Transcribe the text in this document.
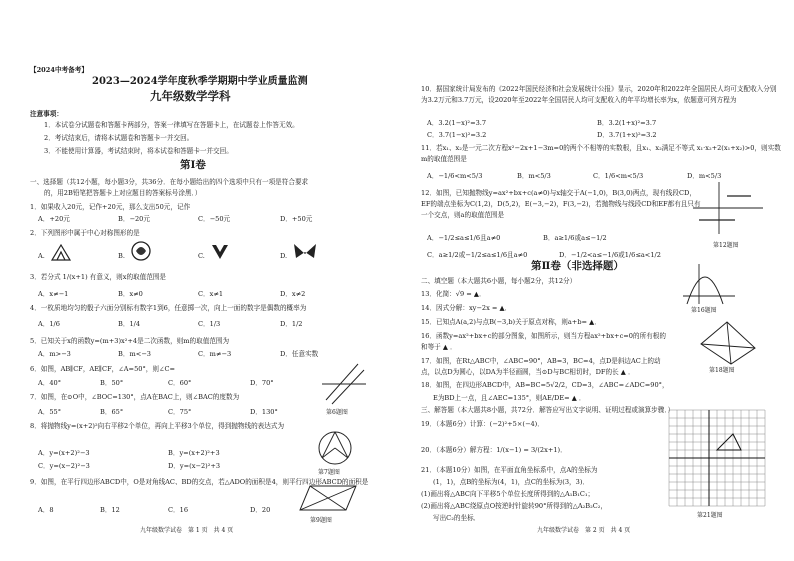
【2024中考备考】
2023—2024学年度秋季学期期中学业质量监测
九年级数学学科
注意事项：
1．本试卷分试题卷和答题卡两部分，答案一律填写在答题卡上，在试题卷上作答无效。
2．考试结束后，请将本试题卷和答题卡一并交回。
3．不能使用计算器，考试结束时，将本试卷和答题卡一并交回。
第Ⅰ卷
一、选择题（共12小题，每小题3分，共36分．在每小题给出的四个选项中只有一项是符合要求
的，用2B铅笔把答题卡上对应题目的答案标号涂黑．）
1．如果收入20元，记作+20元，那么支出50元，记作
A．+20元	B．−20元	C．−50元	D．+50元
2．下列图形中属于中心对称图形的是
A.	B.	C.	D.
3．若分式 1/(x+1) 有意义，则x的取值范围是
A．x≠−1	B．x≠0	C．x≠1	D．x≠2
4．一枚质地均匀的骰子六面分别标有数字1到6，任意掷一次，向上一面的数字是偶数的概率为
A．1/6	B．1/4	C．1/3	D．1/2
5．已知关于x的函数y=(m+3)x²+4是二次函数，则m的取值范围为
A．m>−3	B．m<−3	C．m≠−3	D．任意实数
6．如图，AB∥CF，AE∥CF，∠A=50°，则∠C=
A．40°	B．50°	C．60°	D．70°
第6题图
7．如图，在⊙O中，∠BOC=130°，点A在BAC上，则∠BAC的度数为
A．55°	B．65°	C．75°	D．130°
8．将抛物线y=(x+2)²向右平移2个单位，再向上平移3个单位，得到抛物线的表达式为
A．y=(x+2)²−3	B．y=(x+2)²+3
C．y=(x−2)²−3	D．y=(x−2)²+3
第7题图
9．如图，在平行四边形ABCD中，O是对角线AC、BD的交点，若△ADO的面积是4，则平行四边形ABCD的面积是
A．8	B．12	C．16	D．20
第9题图
九年级数学试卷　第 1 页　共 4 页
10．据国家统计局发布的《2022年国民经济和社会发展统计公报》显示，2020年和2022年全国居民人均可支配收入分别为3.2万元和3.7万元，设2020年至2022年全国居民人均可支配收入的年平均增长率为x，依题意可列方程为
A．3.2(1−x)²=3.7	B．3.2(1+x)²=3.7
C．3.7(1−x)²=3.2	D．3.7(1+x)²=3.2
11．若x₁、x₂是一元二次方程x²−2x+1−3m=0的两个不相等的实数根，且x₁、x₂满足不等式 x₁·x₂+2(x₁+x₂)>0，则实数m的取值范围是
A．−1/6<m<5/3	B．m<5/3	C．1/6<m<5/3	D．m<5/3
12．如图，已知抛物线y=ax²+bx+c(a≠0)与x轴交于A(−1,0)，B(3,0)两点，现有线段CD，EF的端点坐标为C(1,2)，D(5,2)，E(−3,−2)，F(3,−2)，若抛物线与线段CD和EF都有且只有一个交点，则a的取值范围是
A．−1/2≤a≤1/6且a≠0	B．a≥1/6或a≤−1/2
C．a≥1/2或−1/2≤a≤1/6且a≠0	D．−1/2<a≤−1/6或1/6≤a<1/2
第12题图
第Ⅱ卷（非选择题）
二、填空题（本大题共6小题，每小题2分，共12分）
13．化简：√9 = ▲．
14．因式分解：xy−2x = ▲．
15．已知点A(a,2)与点B(−3,b)关于原点对称，则a+b= ▲．
16．函数y=ax²+bx+c的部分图象，如图所示，则当方程ax²+bx+c=0的所有根的和等于 ▲ ．
17．如图，在Rt△ABC中，∠ABC=90°，AB=3，BC=4，点D是斜边AC上的动点，以点D为圆心，以DA为半径画圆，当⊙D与BC相切时，DF的长 ▲ ．
第16题图
第18题图
18．如图，在四边形ABCD中，AB=BC=5√2/2，CD=3，∠ABC=∠ADC=90°，
E为BD上一点，且∠AEC=135°，则AE/DE= ▲ ．
三、解答题（本大题共8小题，共72分．解答应写出文字说明、证明过程或演算步骤．）
19．（本题6分）计算：(−2)²+5×(−4)．
20．（本题6分）解方程：1/(x−1) = 3/(2x+1)．
21．（本题10分）如图，在平面直角坐标系中，点A的坐标为
(1，1)，点B的坐标为(4，1)，点C的坐标为(3，3)．
(1)画出将△ABC向下平移5个单位长度所得到的△A₁B₁C₁；
(2)画出将△ABC绕原点O按逆时针旋转90°所得到的△A₂B₂C₂，
写出C₂的坐标．	第21题图
九年级数学试卷　第 2 页　共 4 页
